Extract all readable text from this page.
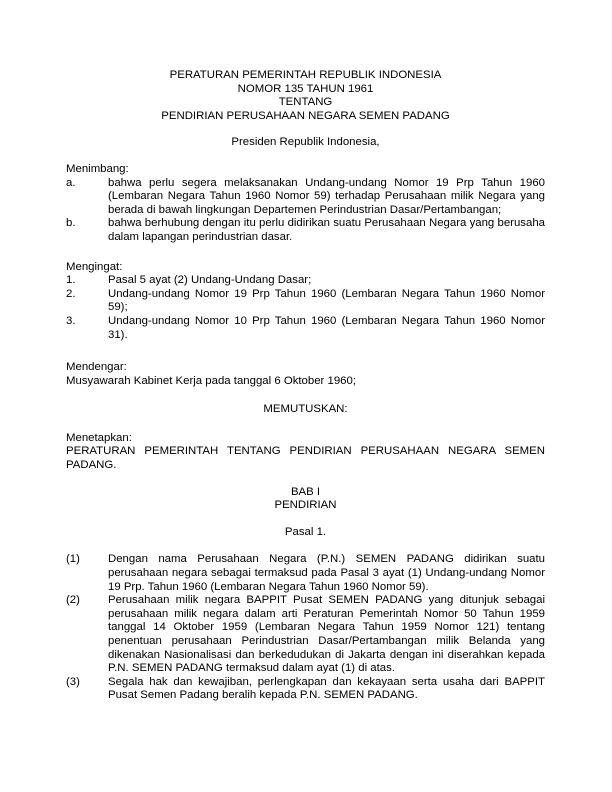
PERATURAN PEMERINTAH REPUBLIK INDONESIA
NOMOR 135 TAHUN 1961
TENTANG
PENDIRIAN PERUSAHAAN NEGARA SEMEN PADANG
Presiden Republik Indonesia,
Menimbang:
a.	bahwa perlu segera melaksanakan Undang-undang Nomor 19 Prp Tahun 1960 (Lembaran Negara Tahun 1960 Nomor 59) terhadap Perusahaan milik Negara yang berada di bawah lingkungan Departemen Perindustrian Dasar/Pertambangan;
b.	bahwa berhubung dengan itu perlu didirikan suatu Perusahaan Negara yang berusaha dalam lapangan perindustrian dasar.
Mengingat:
1.	Pasal 5 ayat (2) Undang-Undang Dasar;
2.	Undang-undang Nomor 19 Prp Tahun 1960 (Lembaran Negara Tahun 1960 Nomor 59);
3.	Undang-undang Nomor 10 Prp Tahun 1960 (Lembaran Negara Tahun 1960 Nomor 31).
Mendengar:
Musyawarah Kabinet Kerja pada tanggal 6 Oktober 1960;
MEMUTUSKAN:
Menetapkan:
PERATURAN PEMERINTAH TENTANG PENDIRIAN PERUSAHAAN NEGARA SEMEN PADANG.
BAB I
PENDIRIAN
Pasal 1.
(1) Dengan nama Perusahaan Negara (P.N.) SEMEN PADANG didirikan suatu perusahaan negara sebagai termaksud pada Pasal 3 ayat (1) Undang-undang Nomor 19 Prp. Tahun 1960 (Lembaran Negara Tahun 1960 Nomor 59).
(2) Perusahaan milik negara BAPPIT Pusat SEMEN PADANG yang ditunjuk sebagai perusahaan milik negara dalam arti Peraturan Pemerintah Nomor 50 Tahun 1959 tanggal 14 Oktober 1959 (Lembaran Negara Tahun 1959 Nomor 121) tentang penentuan perusahaan Perindustrian Dasar/Pertambangan milik Belanda yang dikenakan Nasionalisasi dan berkedudukan di Jakarta dengan ini diserahkan kepada P.N. SEMEN PADANG termaksud dalam ayat (1) di atas.
(3) Segala hak dan kewajiban, perlengkapan dan kekayaan serta usaha dari BAPPIT Pusat Semen Padang beralih kepada P.N. SEMEN PADANG.
